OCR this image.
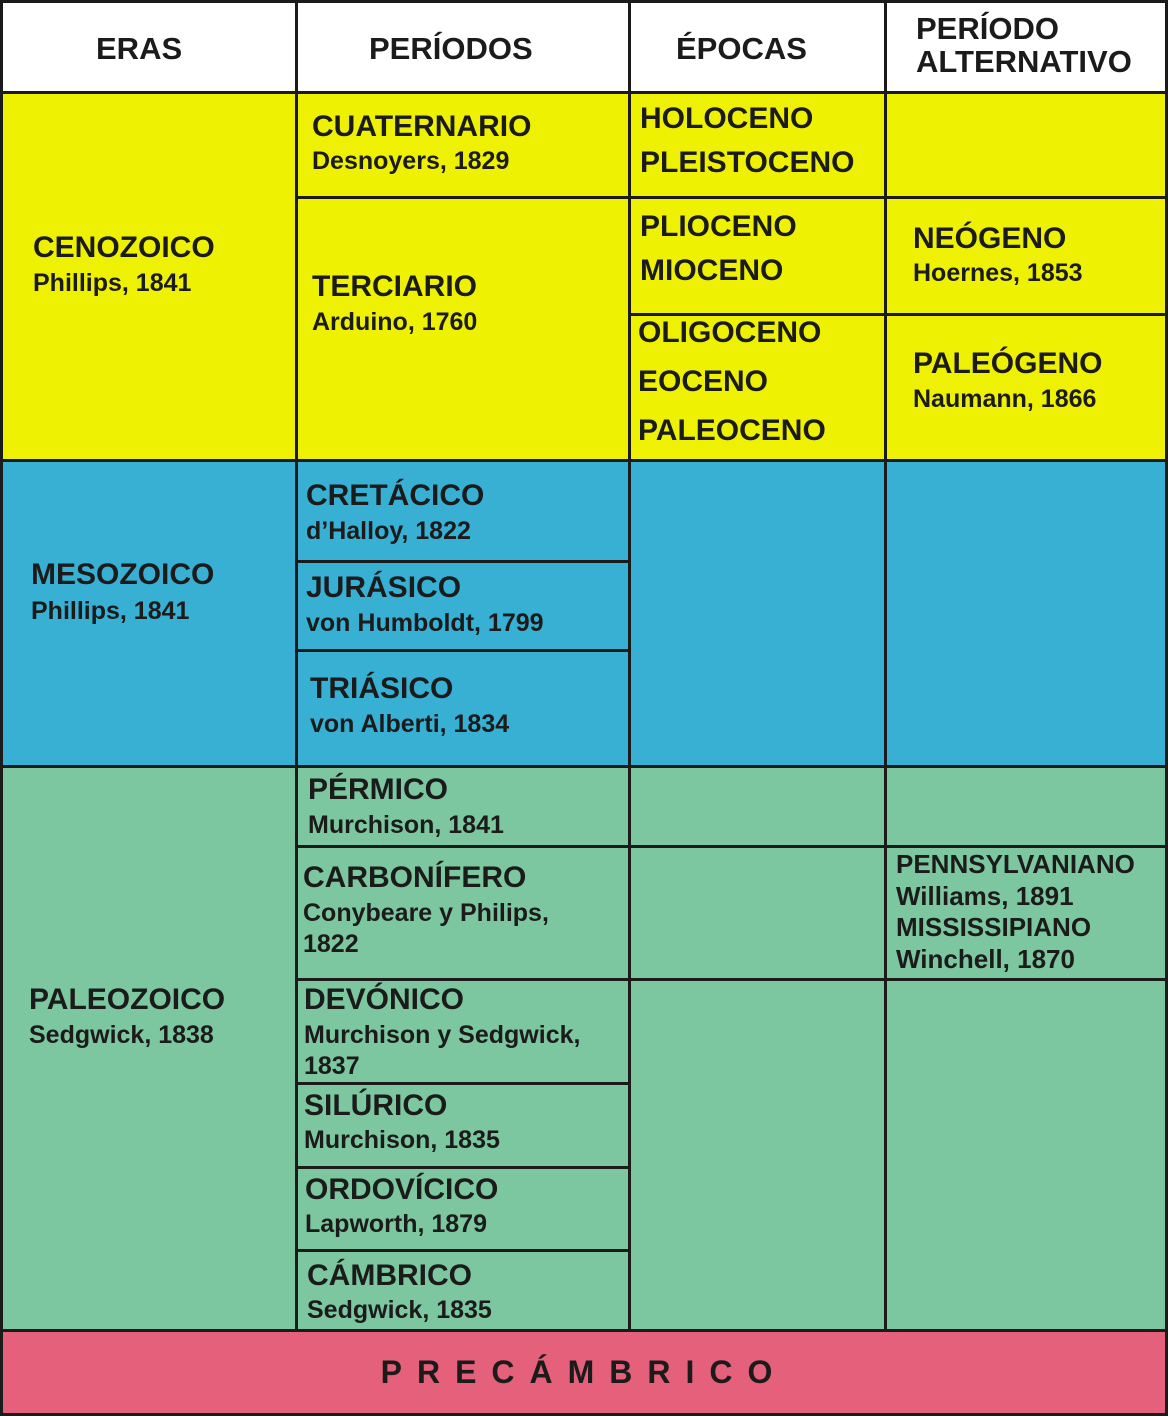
ERAS	PERÍODOS	ÉPOCAS
PERÍODO ALTERNATIVO
CENOZOICO
Phillips, 1841
CUATERNARIO
Desnoyers, 1829
TERCIARIO
Arduino, 1760
HOLOCENO
PLEISTOCENO
PLIOCENO
MIOCENO
OLIGOCENO
EOCENO
PALEOCENO
NEÓGENO
Hoernes, 1853
PALEÓGENO
Naumann, 1866
MESOZOICO
Phillips, 1841
CRETÁCICO
d’Halloy, 1822
JURÁSICO
von Humboldt, 1799
TRIÁSICO
von Alberti, 1834
PALEOZOICO
Sedgwick, 1838
PÉRMICO
Murchison, 1841
CARBONÍFERO
Conybeare y Philips, 1822
DEVÓNICO
Murchison y Sedgwick, 1837
SILÚRICO
Murchison, 1835
ORDOVÍCICO
Lapworth, 1879
CÁMBRICO
Sedgwick, 1835
PENNSYLVANIANO
Williams, 1891
MISSISSIPIANO
Winchell, 1870
PRECÁMBRICO
